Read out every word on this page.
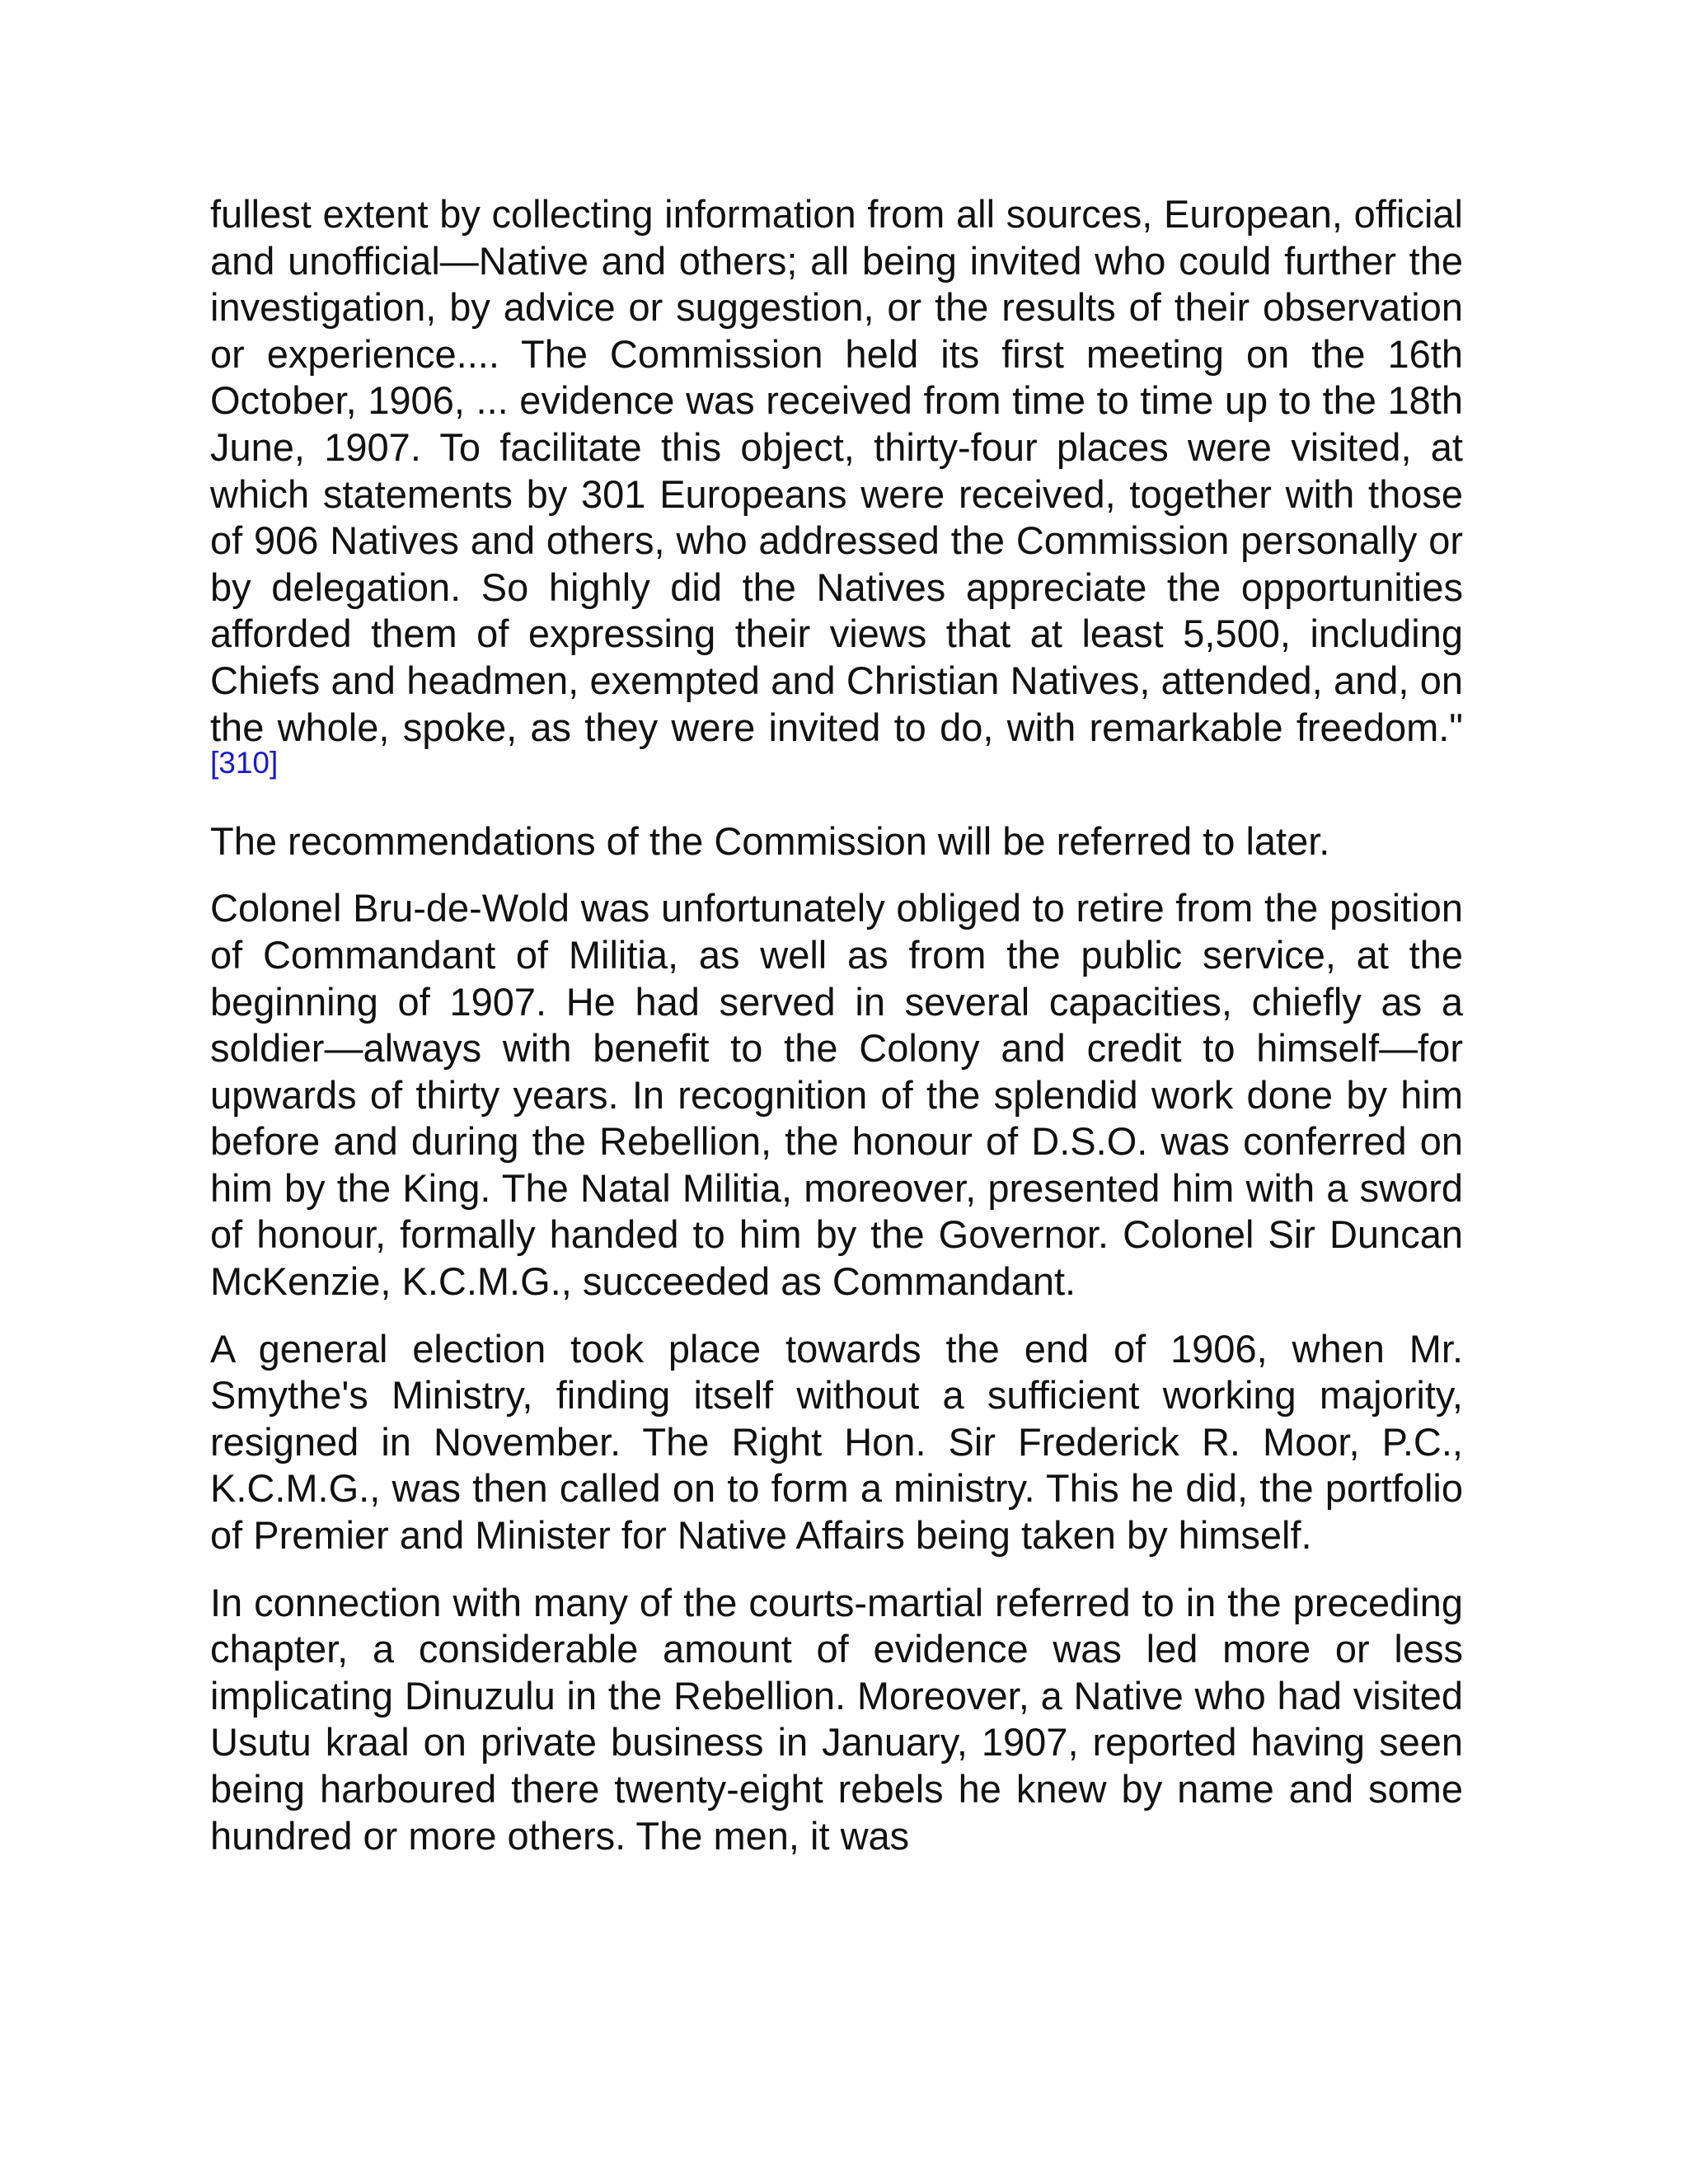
fullest extent by collecting information from all sources, European, official and unofficial—Native and others; all being invited who could further the investigation, by advice or suggestion, or the results of their observation or experience.... The Commission held its first meeting on the 16th October, 1906, ... evidence was received from time to time up to the 18th June, 1907. To facilitate this object, thirty-four places were visited, at which statements by 301 Europeans were received, together with those of 906 Natives and others, who addressed the Commission personally or by delegation. So highly did the Natives appreciate the opportunities afforded them of expressing their views that at least 5,500, including Chiefs and headmen, exempted and Christian Natives, attended, and, on the whole, spoke, as they were invited to do, with remarkable freedom."[310]

The recommendations of the Commission will be referred to later.

Colonel Bru-de-Wold was unfortunately obliged to retire from the position of Commandant of Militia, as well as from the public service, at the beginning of 1907. He had served in several capacities, chiefly as a soldier—always with benefit to the Colony and credit to himself—for upwards of thirty years. In recognition of the splendid work done by him before and during the Rebellion, the honour of D.S.O. was conferred on him by the King. The Natal Militia, moreover, presented him with a sword of honour, formally handed to him by the Governor. Colonel Sir Duncan McKenzie, K.C.M.G., succeeded as Commandant.

A general election took place towards the end of 1906, when Mr. Smythe's Ministry, finding itself without a sufficient working majority, resigned in November. The Right Hon. Sir Frederick R. Moor, P.C., K.C.M.G., was then called on to form a ministry. This he did, the portfolio of Premier and Minister for Native Affairs being taken by himself.

In connection with many of the courts-martial referred to in the preceding chapter, a considerable amount of evidence was led more or less implicating Dinuzulu in the Rebellion. Moreover, a Native who had visited Usutu kraal on private business in January, 1907, reported having seen being harboured there twenty-eight rebels he knew by name and some hundred or more others. The men, it was
